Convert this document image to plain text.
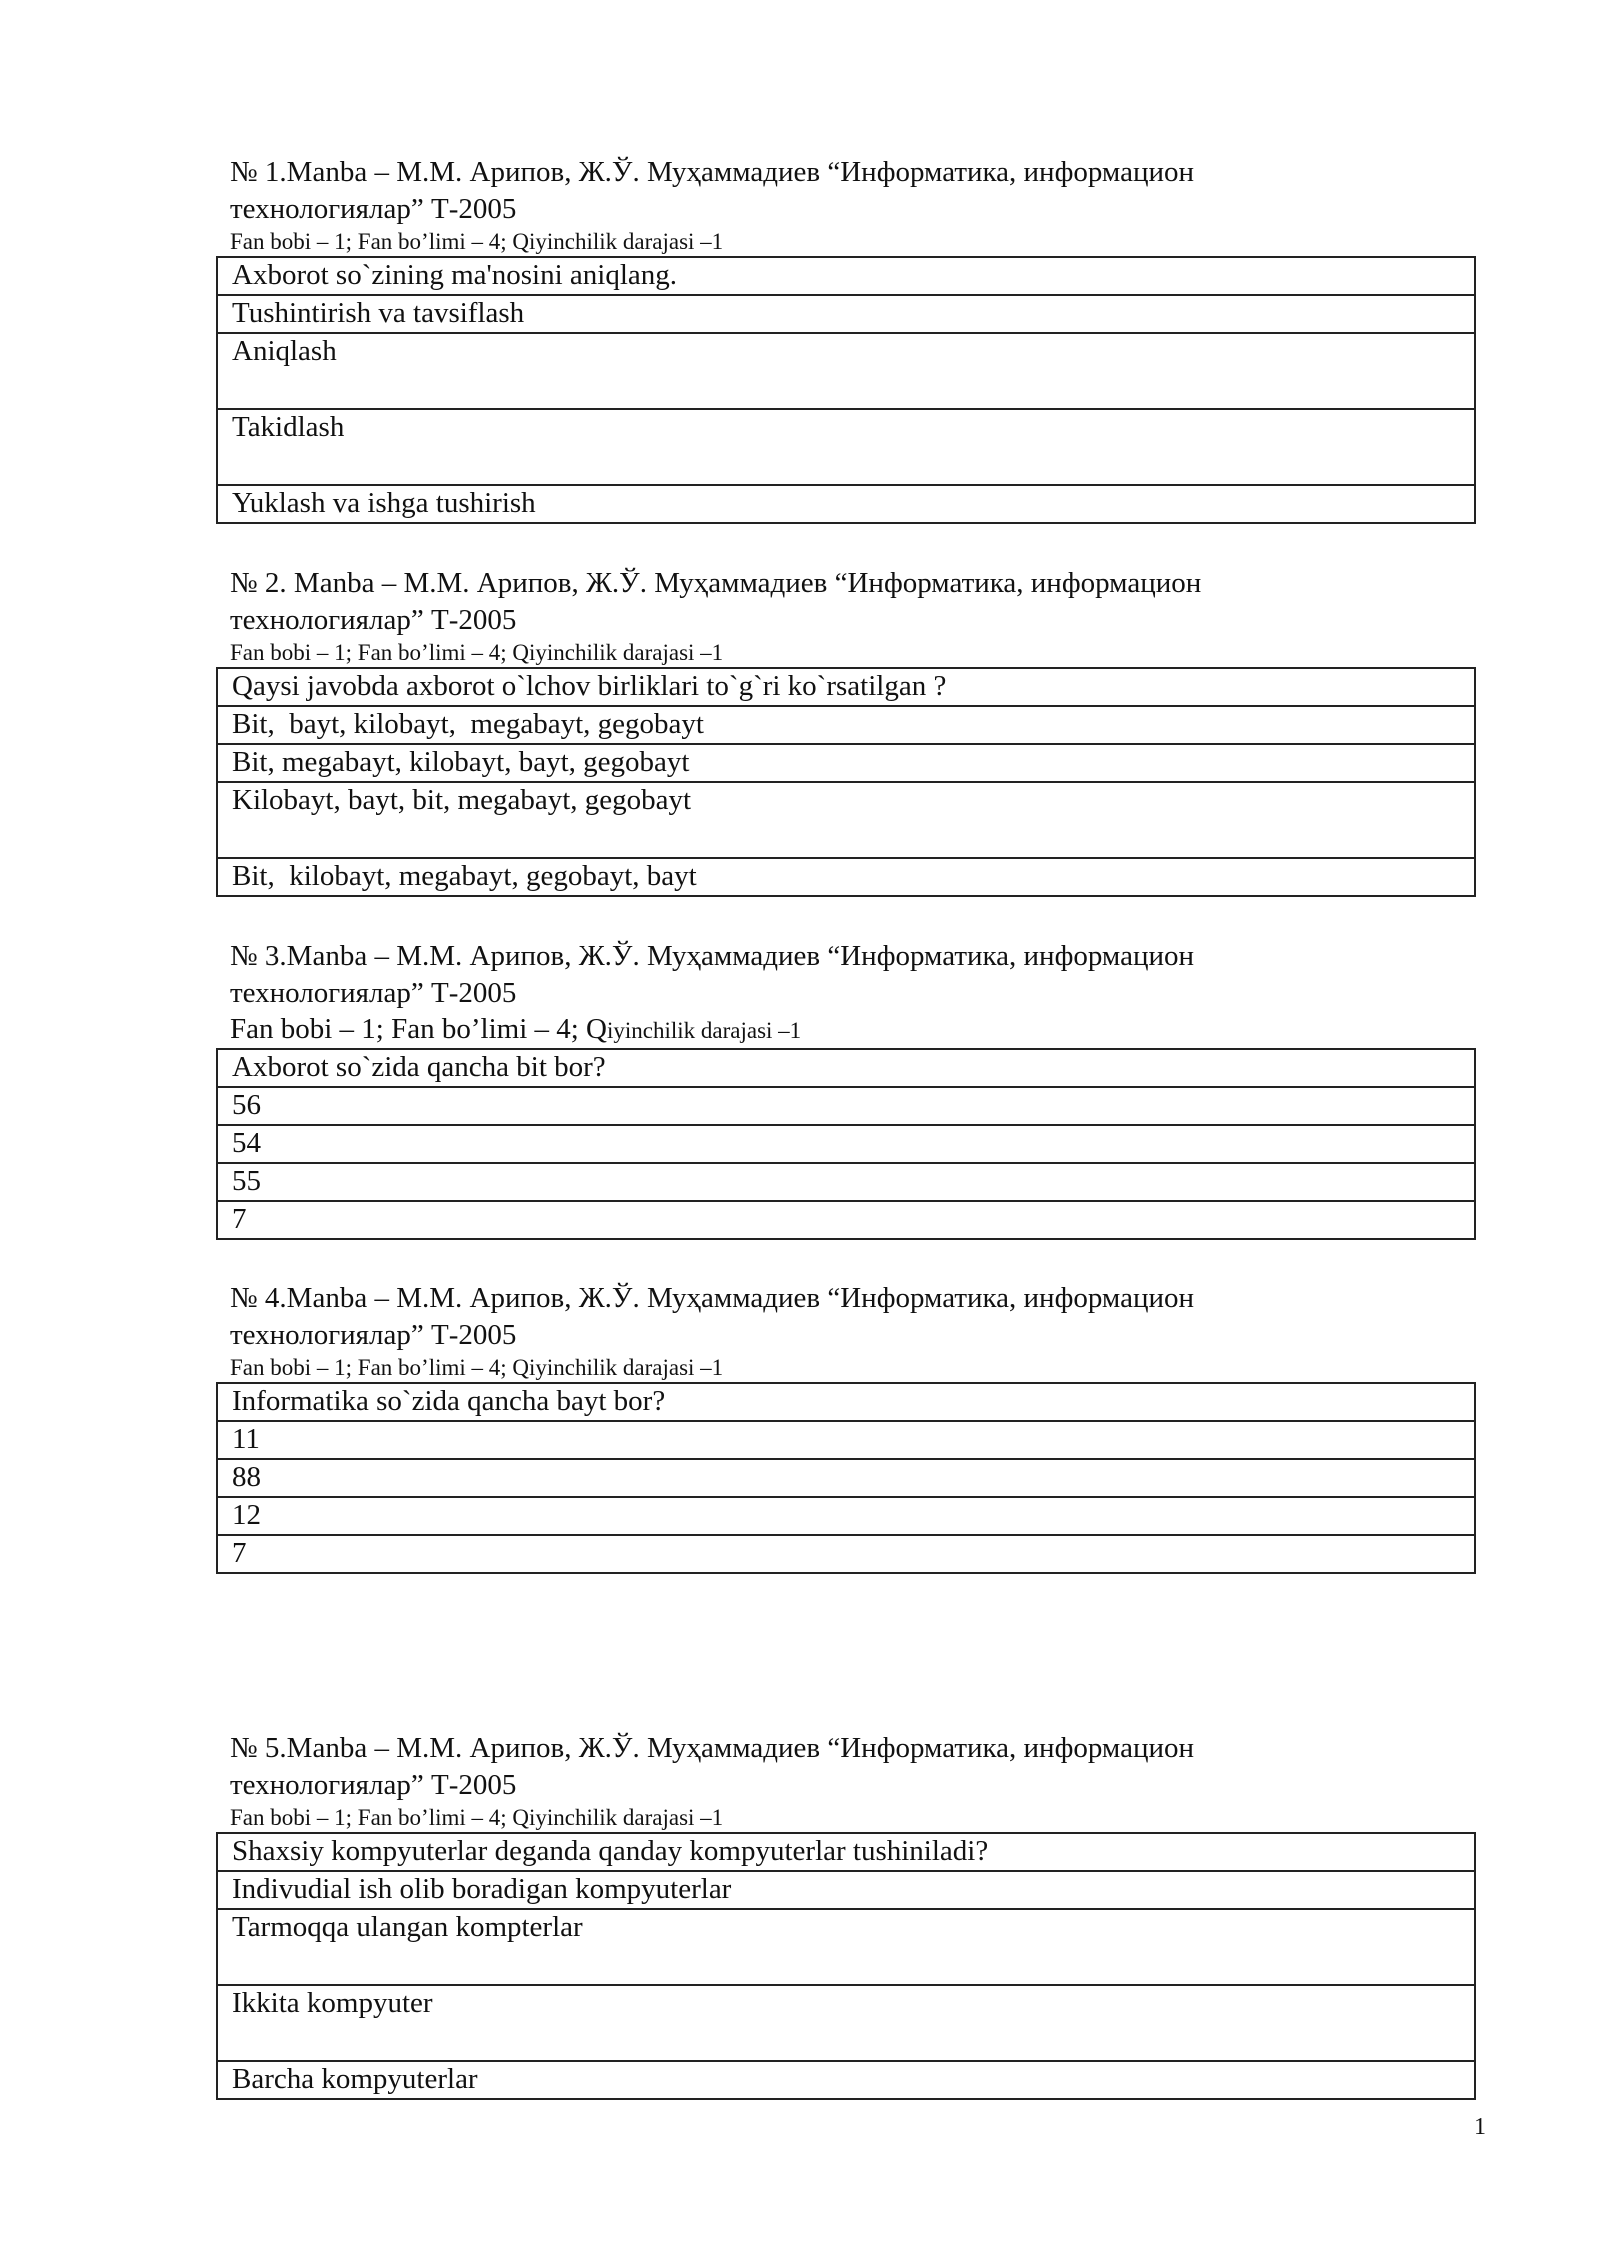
№ 1.Manba – M.M. Арипов, Ж.Ў. Муҳаммадиев “Информатика, информацион
технологиялар” Т-2005
Fan bobi – 1; Fan bo’limi – 4; Qiyinchilik darajasi –1
Axborot so`zining ma'nosini aniqlang.
Tushintirish va tavsiflash
Aniqlash
Takidlash
Yuklash va ishga tushirish
№ 2. Manba – M.M. Арипов, Ж.Ў. Муҳаммадиев “Информатика, информацион
технологиялар” Т-2005
Fan bobi – 1; Fan bo’limi – 4; Qiyinchilik darajasi –1
Qaysi javobda axborot o`lchov birliklari to`g`ri ko`rsatilgan ?
Bit,  bayt, kilobayt,  megabayt, gegobayt
Bit, megabayt, kilobayt, bayt, gegobayt
Kilobayt, bayt, bit, megabayt, gegobayt
Bit,  kilobayt, megabayt, gegobayt, bayt
№ 3.Manba – M.M. Арипов, Ж.Ў. Муҳаммадиев “Информатика, информацион
технологиялар” Т-2005
Fan bobi – 1; Fan bo’limi – 4; Qiyinchilik darajasi –1
Axborot so`zida qancha bit bor?
56
54
55
7
№ 4.Manba – M.M. Арипов, Ж.Ў. Муҳаммадиев “Информатика, информацион
технологиялар” Т-2005
Fan bobi – 1; Fan bo’limi – 4; Qiyinchilik darajasi –1
Informatika so`zida qancha bayt bor?
11
88
12
7
№ 5.Manba – M.M. Арипов, Ж.Ў. Муҳаммадиев “Информатика, информацион
технологиялар” Т-2005
Fan bobi – 1; Fan bo’limi – 4; Qiyinchilik darajasi –1
Shaxsiy kompyuterlar deganda qanday kompyuterlar tushiniladi?
Indivudial ish olib boradigan kompyuterlar
Tarmoqqa ulangan kompterlar
Ikkita kompyuter
Barcha kompyuterlar
1
